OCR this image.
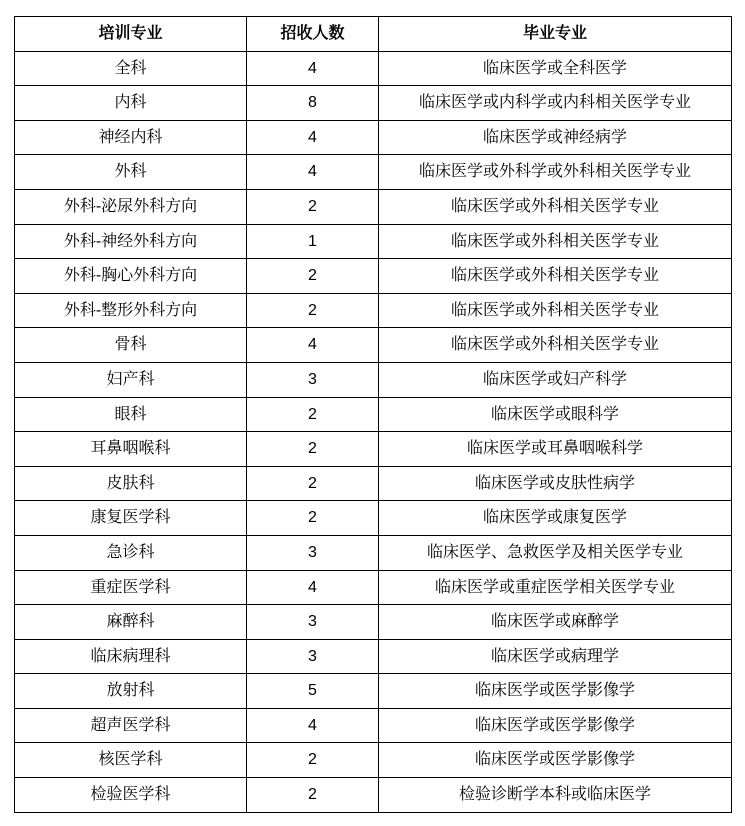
培训专业	招收人数	毕业专业
全科	4	临床医学或全科医学
内科	8	临床医学或内科学或内科相关医学专业
神经内科	4	临床医学或神经病学
外科	4	临床医学或外科学或外科相关医学专业
外科-泌尿外科方向	2	临床医学或外科相关医学专业
外科-神经外科方向	1	临床医学或外科相关医学专业
外科-胸心外科方向	2	临床医学或外科相关医学专业
外科-整形外科方向	2	临床医学或外科相关医学专业
骨科	4	临床医学或外科相关医学专业
妇产科	3	临床医学或妇产科学
眼科	2	临床医学或眼科学
耳鼻咽喉科	2	临床医学或耳鼻咽喉科学
皮肤科	2	临床医学或皮肤性病学
康复医学科	2	临床医学或康复医学
急诊科	3	临床医学、急救医学及相关医学专业
重症医学科	4	临床医学或重症医学相关医学专业
麻醉科	3	临床医学或麻醉学
临床病理科	3	临床医学或病理学
放射科	5	临床医学或医学影像学
超声医学科	4	临床医学或医学影像学
核医学科	2	临床医学或医学影像学
检验医学科	2	检验诊断学本科或临床医学
